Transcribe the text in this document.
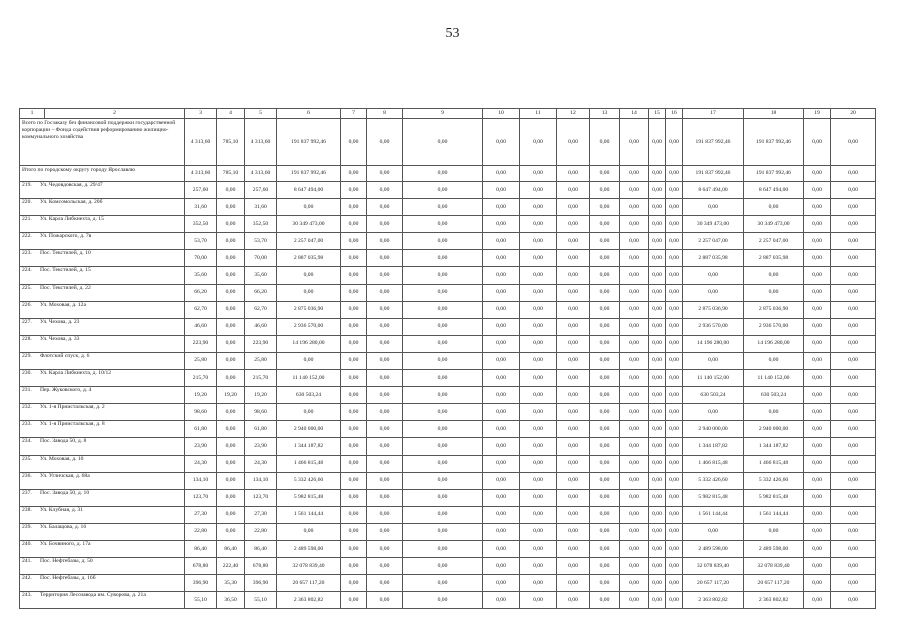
53
1	2	3	4	5	6	7	8	9	10	11	12	13	14	15	16	17	18	19	20
Всего по Госзаказу без финансовой поддержки государственной корпорации – Фонда содействия реформированию жилищно-коммунального хозяйства		4 313,60	785,10	4 313,60	191 837 992,46	0,00	0,00	0,00	0,00	0,00	0,00	0,00	0,00	0,00	0,00	191 837 992,46	191 837 992,46	0,00	0,00
Итого по городскому округу городу Ярославлю		4 313,60	785,10	4 313,60	191 837 992,46	0,00	0,00	0,00	0,00	0,00	0,00	0,00	0,00	0,00	0,00	191 837 992,46	191 837 992,46	0,00	0,00
219. Ул. Чедовдовская, д. 29/47		257,60	0,00	257,60	8 647 494,00	0,00	0,00	0,00	0,00	0,00	0,00	0,00	0,00	0,00	0,00	8 647 494,00	8 647 494,00	0,00	0,00
220. Ул. Комсомольская, д. 20б		31,60	0,00	31,60	0,00	0,00	0,00	0,00	0,00	0,00	0,00	0,00	0,00	0,00	0,00	0,00	0,00	0,00	0,00
221. Ул. Карла Либкнехта, д. 15		352,50	0,00	352,50	30 349 473,00	0,00	0,00	0,00	0,00	0,00	0,00	0,00	0,00	0,00	0,00	30 349 473,00	30 349 473,00	0,00	0,00
222. Ул. Пожарского, д. 7в		53,70	0,00	53,70	2 257 047,00	0,00	0,00	0,00	0,00	0,00	0,00	0,00	0,00	0,00	0,00	2 257 047,00	2 257 047,00	0,00	0,00
223. Пос. Текстилей, д. 10		70,00	0,00	70,00	2 887 035,98	0,00	0,00	0,00	0,00	0,00	0,00	0,00	0,00	0,00	0,00	2 887 035,98	2 887 035,98	0,00	0,00
224. Пос. Текстилей, д. 15		35,60	0,00	35,60	0,00	0,00	0,00	0,00	0,00	0,00	0,00	0,00	0,00	0,00	0,00	0,00	0,00	0,00	0,00
225. Пос. Текстилей, д. 22		66,20	0,00	66,20	0,00	0,00	0,00	0,00	0,00	0,00	0,00	0,00	0,00	0,00	0,00	0,00	0,00	0,00	0,00
226. Ул. Моховая, д. 12а		62,70	0,00	62,70	2 875 036,90	0,00	0,00	0,00	0,00	0,00	0,00	0,00	0,00	0,00	0,00	2 875 036,90	2 875 036,90	0,00	0,00
227. Ул. Чехова, д. 23		46,60	0,00	46,60	2 936 570,00	0,00	0,00	0,00	0,00	0,00	0,00	0,00	0,00	0,00	0,00	2 936 570,00	2 936 570,00	0,00	0,00
228. Ул. Чехова, д. 33		223,90	0,00	223,90	14 196 280,00	0,00	0,00	0,00	0,00	0,00	0,00	0,00	0,00	0,00	0,00	14 196 280,00	14 196 280,00	0,00	0,00
229. Флотский спуск, д. 6		25,80	0,00	25,80	0,00	0,00	0,00	0,00	0,00	0,00	0,00	0,00	0,00	0,00	0,00	0,00	0,00	0,00	0,00
230. Ул. Карла Либкнехта, д. 10/12		215,70	0,00	215,70	11 140 152,00	0,00	0,00	0,00	0,00	0,00	0,00	0,00	0,00	0,00	0,00	11 140 152,00	11 140 152,00	0,00	0,00
231. Пер. Жуковского, д. 4		19,20	19,20	19,20	630 503,24	0,00	0,00	0,00	0,00	0,00	0,00	0,00	0,00	0,00	0,00	630 503,24	630 503,24	0,00	0,00
232. Ул. 1-я Приисталкская, д. 2		98,60	0,00	98,60	0,00	0,00	0,00	0,00	0,00	0,00	0,00	0,00	0,00	0,00	0,00	0,00	0,00	0,00	0,00
233. Ул. 1-я Приисталкская, д. 8		61,80	0,00	61,80	2 940 000,00	0,00	0,00	0,00	0,00	0,00	0,00	0,00	0,00	0,00	0,00	2 940 000,00	2 940 000,00	0,00	0,00
234. Пос. Завода 50, д. 8		23,90	0,00	23,90	1 344 187,82	0,00	0,00	0,00	0,00	0,00	0,00	0,00	0,00	0,00	0,00	1 344 187,82	1 344 187,82	0,00	0,00
235. Ул. Моховая, д. 10		24,30	0,00	24,30	1 466 815,48	0,00	0,00	0,00	0,00	0,00	0,00	0,00	0,00	0,00	0,00	1 466 815,48	1 466 815,48	0,00	0,00
236. Ул. Угличская, д. 68а		134,10	0,00	134,10	5 332 426,60	0,00	0,00	0,00	0,00	0,00	0,00	0,00	0,00	0,00	0,00	5 332 426,60	5 332 426,60	0,00	0,00
237. Пос. Завода 50, д. 10		123,70	0,00	123,70	5 982 815,48	0,00	0,00	0,00	0,00	0,00	0,00	0,00	0,00	0,00	0,00	5 982 815,48	5 982 815,48	0,00	0,00
238. Ул. Клубная, д. 31		27,30	0,00	27,30	1 561 144,44	0,00	0,00	0,00	0,00	0,00	0,00	0,00	0,00	0,00	0,00	1 561 144,44	1 561 144,44	0,00	0,00
239. Ул. Балащова, д. 16		22,80	0,00	22,80	0,00	0,00	0,00	0,00	0,00	0,00	0,00	0,00	0,00	0,00	0,00	0,00	0,00	0,00	0,00
240. Ул. Бочвиного, д. 17а		86,40	86,40	86,40	2 489 598,00	0,00	0,00	0,00	0,00	0,00	0,00	0,00	0,00	0,00	0,00	2 489 598,00	2 489 598,00	0,00	0,00
241. Пос. Нефтебазы, д. 50		678,80	222,40	678,80	32 078 839,40	0,00	0,00	0,00	0,00	0,00	0,00	0,00	0,00	0,00	0,00	32 078 839,40	32 078 839,40	0,00	0,00
242. Пос. Нефтебазы, д. 16б		396,90	35,30	396,90	20 657 117,20	0,00	0,00	0,00	0,00	0,00	0,00	0,00	0,00	0,00	0,00	20 657 117,20	20 657 117,20	0,00	0,00
243. Территория Лесозавода им. Суворова, д. 21а		55,10	36,50	55,10	2 363 802,82	0,00	0,00	0,00	0,00	0,00	0,00	0,00	0,00	0,00	0,00	2 363 802,82	2 363 802,82	0,00	0,00
